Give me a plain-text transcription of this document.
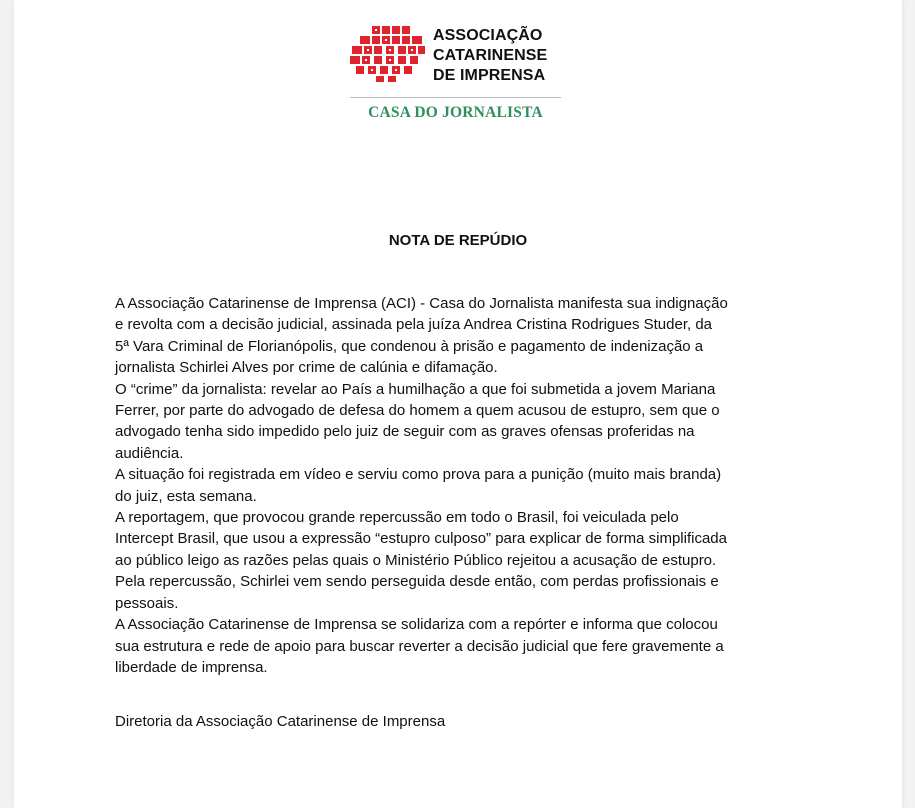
ASSOCIAÇÃO
CATARINENSE
DE IMPRENSA
CASA DO JORNALISTA
NOTA DE REPÚDIO

A Associação Catarinense de Imprensa (ACI) - Casa do Jornalista manifesta sua indignação

e revolta com a decisão judicial, assinada pela juíza Andrea Cristina Rodrigues Studer, da

5ª Vara Criminal de Florianópolis, que condenou à prisão e pagamento de indenização a

jornalista Schirlei Alves por crime de calúnia e difamação.

O “crime” da jornalista: revelar ao País a humilhação a que foi submetida a jovem Mariana

Ferrer, por parte do advogado de defesa do homem a quem acusou de estupro, sem que o

advogado tenha sido impedido pelo juiz de seguir com as graves ofensas proferidas na

audiência.

A situação foi registrada em vídeo e serviu como prova para a punição (muito mais branda)

do juiz, esta semana.

A reportagem, que provocou grande repercussão em todo o Brasil, foi veiculada pelo

Intercept Brasil, que usou a expressão “estupro culposo” para explicar de forma simplificada

ao público leigo as razões pelas quais o Ministério Público rejeitou a acusação de estupro.

Pela repercussão, Schirlei vem sendo perseguida desde então, com perdas profissionais e

pessoais.

A Associação Catarinense de Imprensa se solidariza com a repórter e informa que colocou

sua estrutura e rede de apoio para buscar reverter a decisão judicial que fere gravemente a

liberdade de imprensa.

Diretoria da Associação Catarinense de Imprensa
